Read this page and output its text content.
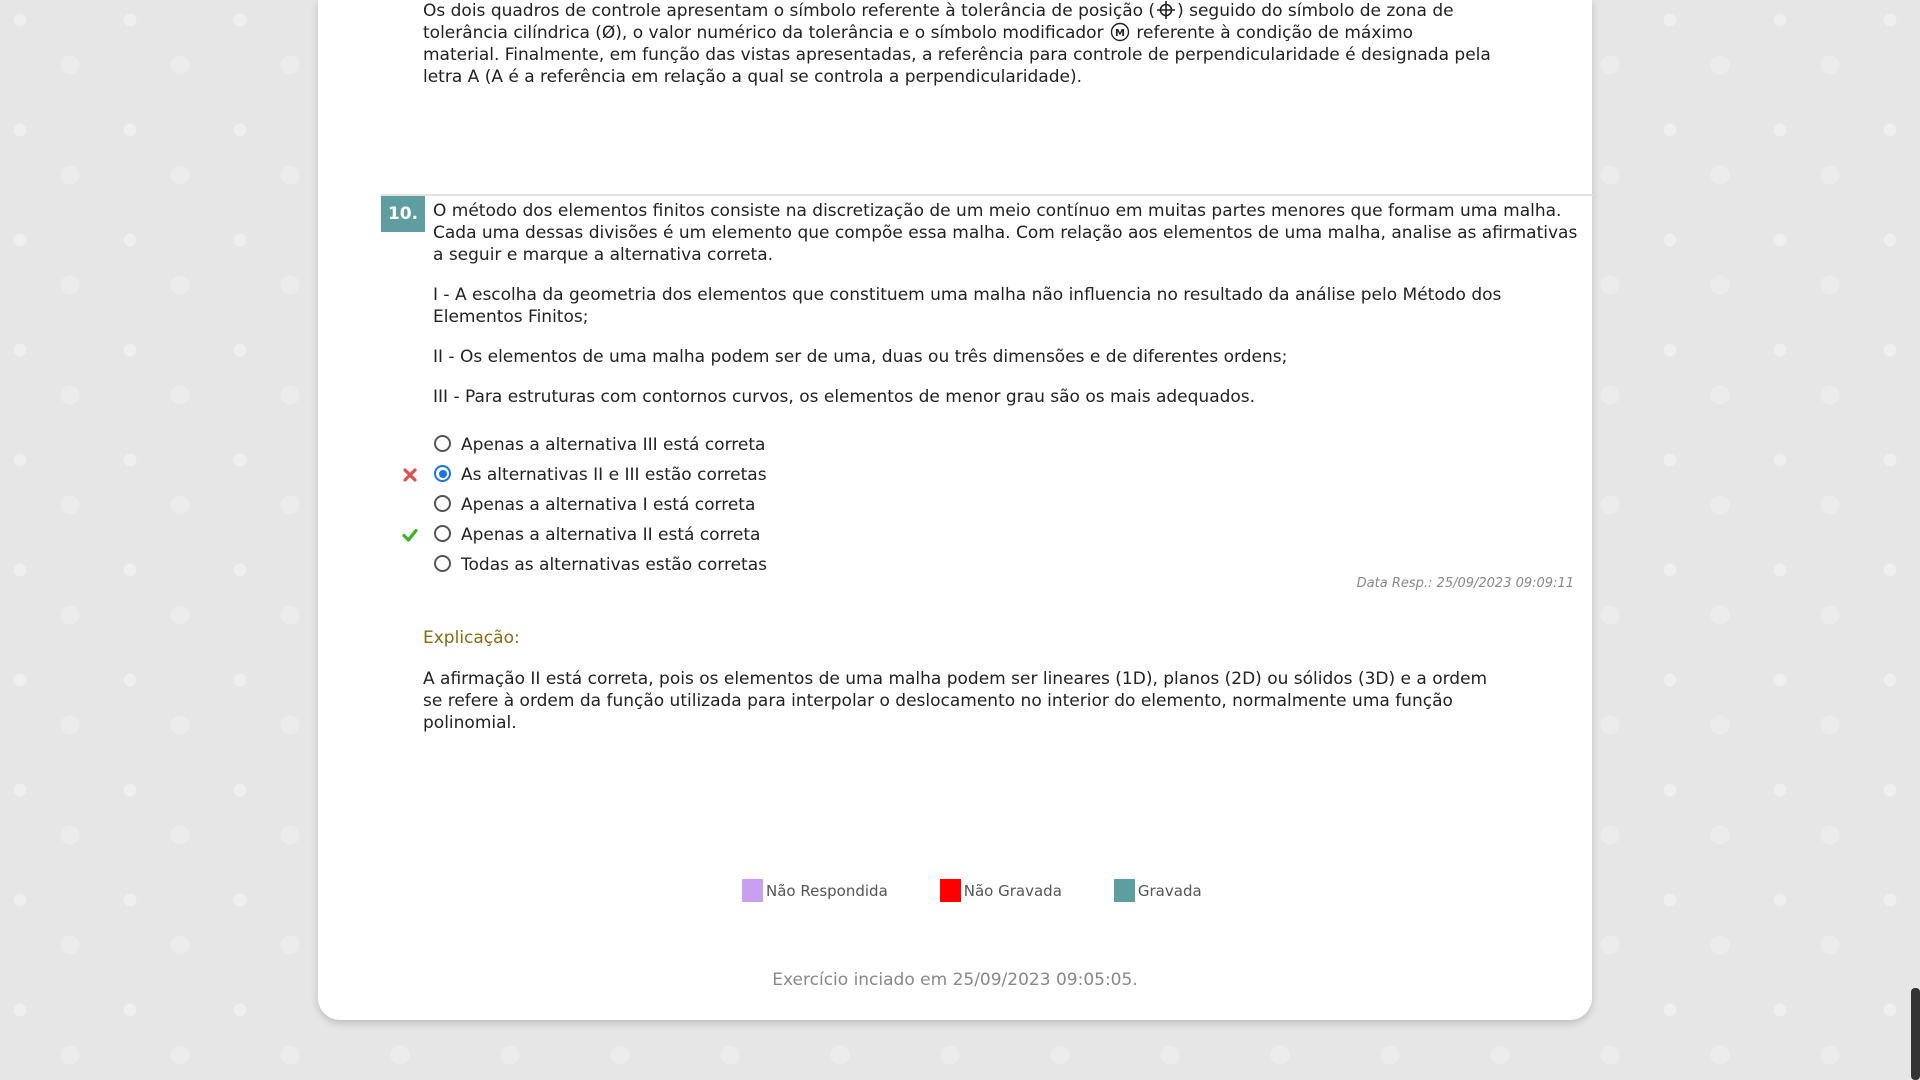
Os dois quadros de controle apresentam o símbolo referente à tolerância de posição ( ) seguido do símbolo de zona de tolerância cilíndrica (Ø), o valor numérico da tolerância e o símbolo modificador M referente à condição de máximo material. Finalmente, em função das vistas apresentadas, a referência para controle de perpendicularidade é designada pela letra A (A é a referência em relação a qual se controla a perpendicularidade).
10. O método dos elementos finitos consiste na discretização de um meio contínuo em muitas partes menores que formam uma malha. Cada uma dessas divisões é um elemento que compõe essa malha. Com relação aos elementos de uma malha, analise as afirmativas a seguir e marque a alternativa correta.

I - A escolha da geometria dos elementos que constituem uma malha não influencia no resultado da análise pelo Método dos Elementos Finitos;

II - Os elementos de uma malha podem ser de uma, duas ou três dimensões e de diferentes ordens;

III - Para estruturas com contornos curvos, os elementos de menor grau são os mais adequados.

Apenas a alternativa III está correta
As alternativas II e III estão corretas
Apenas a alternativa I está correta
Apenas a alternativa II está correta
Todas as alternativas estão corretas
Data Resp.: 25/09/2023 09:09:11
Explicação:
A afirmação II está correta, pois os elementos de uma malha podem ser lineares (1D), planos (2D) ou sólidos (3D) e a ordem se refere à ordem da função utilizada para interpolar o deslocamento no interior do elemento, normalmente uma função polinomial.
Não Respondida	Não Gravada	Gravada
Exercício inciado em 25/09/2023 09:05:05.
